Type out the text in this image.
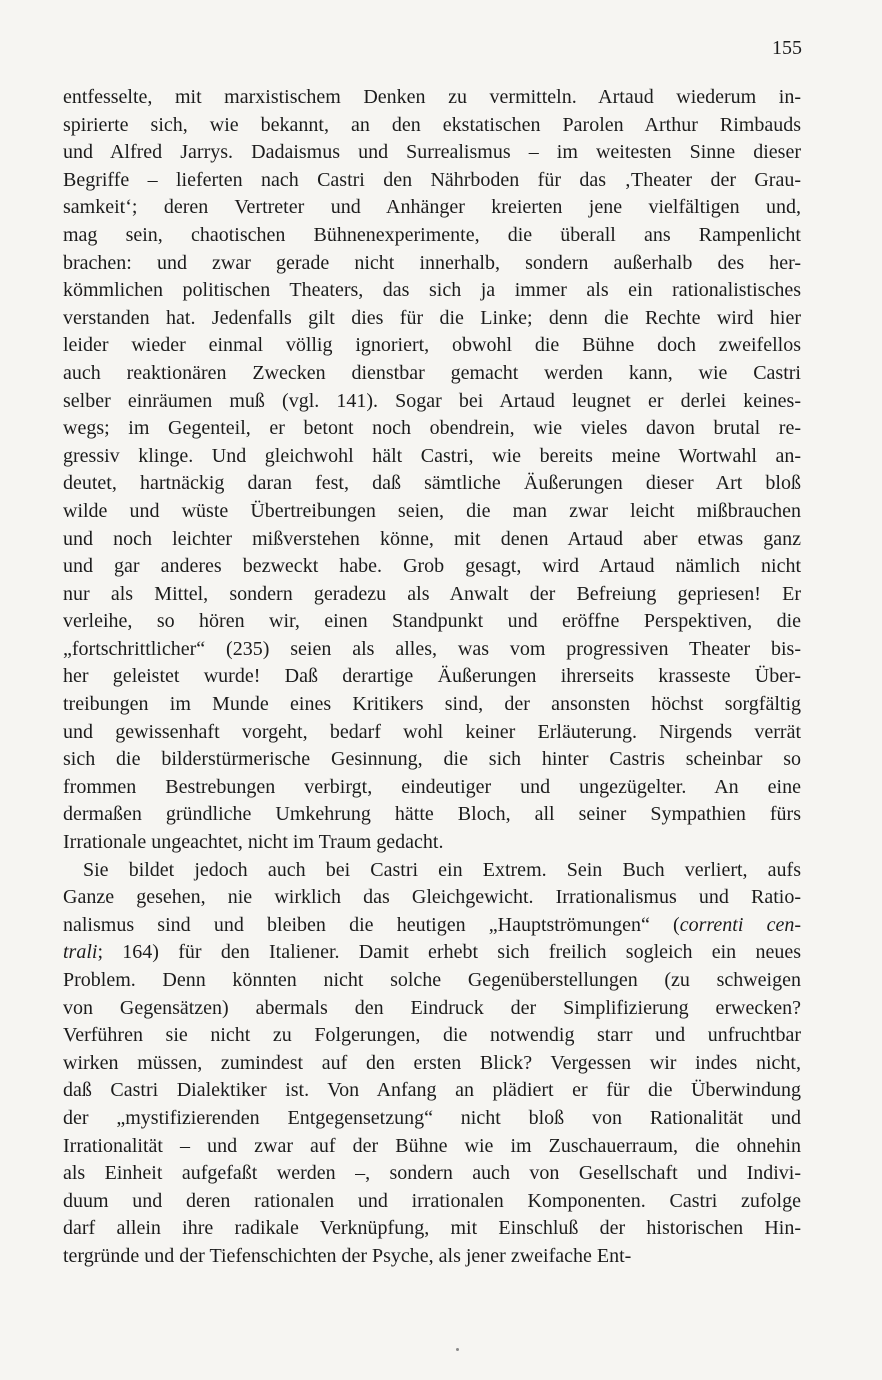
155
entfesselte, mit marxistischem Denken zu vermitteln. Artaud wiederum in-
spirierte sich, wie bekannt, an den ekstatischen Parolen Arthur Rimbauds
und Alfred Jarrys. Dadaismus und Surrealismus – im weitesten Sinne dieser
Begriffe – lieferten nach Castri den Nährboden für das ‚Theater der Grau-
samkeit‘; deren Vertreter und Anhänger kreierten jene vielfältigen und,
mag sein, chaotischen Bühnenexperimente, die überall ans Rampenlicht
brachen: und zwar gerade nicht innerhalb, sondern außerhalb des her-
kömmlichen politischen Theaters, das sich ja immer als ein rationalistisches
verstanden hat. Jedenfalls gilt dies für die Linke; denn die Rechte wird hier
leider wieder einmal völlig ignoriert, obwohl die Bühne doch zweifellos
auch reaktionären Zwecken dienstbar gemacht werden kann, wie Castri
selber einräumen muß (vgl. 141). Sogar bei Artaud leugnet er derlei keines-
wegs; im Gegenteil, er betont noch obendrein, wie vieles davon brutal re-
gressiv klinge. Und gleichwohl hält Castri, wie bereits meine Wortwahl an-
deutet, hartnäckig daran fest, daß sämtliche Äußerungen dieser Art bloß
wilde und wüste Übertreibungen seien, die man zwar leicht mißbrauchen
und noch leichter mißverstehen könne, mit denen Artaud aber etwas ganz
und gar anderes bezweckt habe. Grob gesagt, wird Artaud nämlich nicht
nur als Mittel, sondern geradezu als Anwalt der Befreiung gepriesen! Er
verleihe, so hören wir, einen Standpunkt und eröffne Perspektiven, die
„fortschrittlicher“ (235) seien als alles, was vom progressiven Theater bis-
her geleistet wurde! Daß derartige Äußerungen ihrerseits krasseste Über-
treibungen im Munde eines Kritikers sind, der ansonsten höchst sorgfältig
und gewissenhaft vorgeht, bedarf wohl keiner Erläuterung. Nirgends verrät
sich die bilderstürmerische Gesinnung, die sich hinter Castris scheinbar so
frommen Bestrebungen verbirgt, eindeutiger und ungezügelter. An eine
dermaßen gründliche Umkehrung hätte Bloch, all seiner Sympathien fürs
Irrationale ungeachtet, nicht im Traum gedacht.
Sie bildet jedoch auch bei Castri ein Extrem. Sein Buch verliert, aufs
Ganze gesehen, nie wirklich das Gleichgewicht. Irrationalismus und Ratio-
nalismus sind und bleiben die heutigen „Hauptströmungen“ (correnti cen-
trali; 164) für den Italiener. Damit erhebt sich freilich sogleich ein neues
Problem. Denn könnten nicht solche Gegenüberstellungen (zu schweigen
von Gegensätzen) abermals den Eindruck der Simplifizierung erwecken?
Verführen sie nicht zu Folgerungen, die notwendig starr und unfruchtbar
wirken müssen, zumindest auf den ersten Blick? Vergessen wir indes nicht,
daß Castri Dialektiker ist. Von Anfang an plädiert er für die Überwindung
der „mystifizierenden Entgegensetzung“ nicht bloß von Rationalität und
Irrationalität – und zwar auf der Bühne wie im Zuschauerraum, die ohnehin
als Einheit aufgefaßt werden –, sondern auch von Gesellschaft und Indivi-
duum und deren rationalen und irrationalen Komponenten. Castri zufolge
darf allein ihre radikale Verknüpfung, mit Einschluß der historischen Hin-
tergründe und der Tiefenschichten der Psyche, als jener zweifache Ent-
